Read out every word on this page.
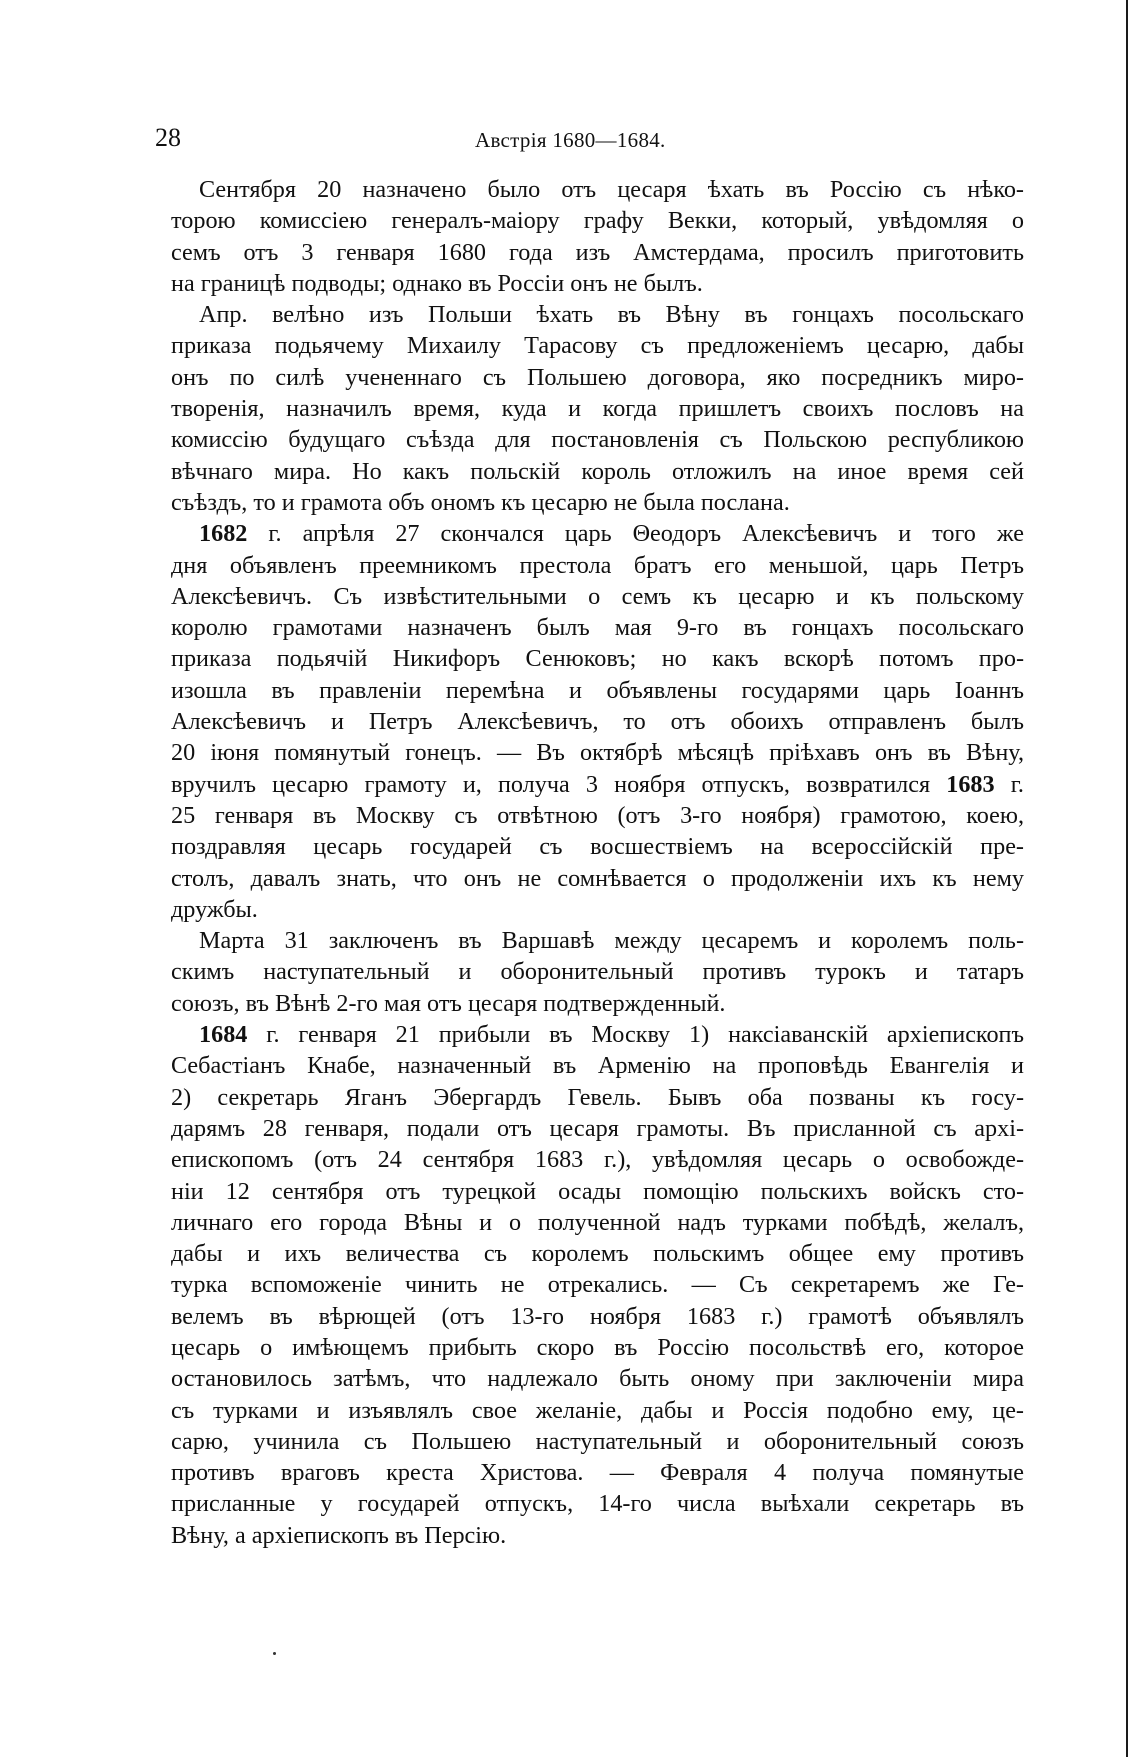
28	Австрія 1680—1684.
Сентября 20 назначено было отъ цесаря ѣхать въ Россію съ нѣко-
торою комиссіею генералъ-маіору графу Векки, который, увѣдомляя о
семъ отъ 3 генваря 1680 года изъ Амстердама, просилъ приготовить
на границѣ подводы; однако въ Россіи онъ не былъ.
Апр. велѣно изъ Польши ѣхать въ Вѣну въ гонцахъ посольскаго
приказа подьячему Михаилу Тарасову съ предложеніемъ цесарю, дабы
онъ по силѣ учененнаго съ Польшею договора, яко посредникъ миро-
творенія, назначилъ время, куда и когда пришлетъ своихъ пословъ на
комиссію будущаго съѣзда для постановленія съ Польскою республикою
вѣчнаго мира. Но какъ польскій король отложилъ на иное время сей
съѣздъ, то и грамота объ ономъ къ цесарю не была послана.
1682 г. апрѣля 27 скончался царь Θеодоръ Алексѣевичъ и того же
дня объявленъ преемникомъ престола братъ его меньшой, царь Петръ
Алексѣевичъ. Съ извѣстительными о семъ къ цесарю и къ польскому
королю грамотами назначенъ былъ мая 9-го въ гонцахъ посольскаго
приказа подьячій Никифоръ Сенюковъ; но какъ вскорѣ потомъ про-
изошла въ правленіи перемѣна и объявлены государями царь Іоаннъ
Алексѣевичъ и Петръ Алексѣевичъ, то отъ обоихъ отправленъ былъ
20 іюня помянутый гонецъ. — Въ октябрѣ мѣсяцѣ пріѣхавъ онъ въ Вѣну,
вручилъ цесарю грамоту и, получа 3 ноября отпускъ, возвратился 1683 г.
25 генваря въ Москву съ отвѣтною (отъ 3-го ноября) грамотою, коею,
поздравляя цесарь государей съ восшествіемъ на всероссійскій пре-
столъ, давалъ знать, что онъ не сомнѣвается о продолженіи ихъ къ нему
дружбы.
Марта 31 заключенъ въ Варшавѣ между цесаремъ и королемъ поль-
скимъ наступательный и оборонительный противъ турокъ и татаръ
союзъ, въ Вѣнѣ 2-го мая отъ цесаря подтвержденный.
1684 г. генваря 21 прибыли въ Москву 1) наксіаванскій архіепископъ
Себастіанъ Кнабе, назначенный въ Арменію на проповѣдь Евангелія и
2) секретарь Яганъ Эбергардъ Гевель. Бывъ оба позваны къ госу-
дарямъ 28 генваря, подали отъ цесаря грамоты. Въ присланной съ архі-
епископомъ (отъ 24 сентября 1683 г.), увѣдомляя цесарь о освобожде-
ніи 12 сентября отъ турецкой осады помощію польскихъ войскъ сто-
личнаго его города Вѣны и о полученной надъ турками побѣдѣ, желалъ,
дабы и ихъ величества съ королемъ польскимъ общее ему противъ
турка вспоможеніе чинить не отрекались. — Съ секретаремъ же Ге-
велемъ въ вѣрющей (отъ 13-го ноября 1683 г.) грамотѣ объявлялъ
цесарь о имѣющемъ прибыть скоро въ Россію посольствѣ его, которое
остановилось затѣмъ, что надлежало быть оному при заключеніи мира
съ турками и изъявлялъ свое желаніе, дабы и Россія подобно ему, це-
сарю, учинила съ Польшею наступательный и оборонительный союзъ
противъ враговъ креста Христова. — Февраля 4 получа помянутые
присланные у государей отпускъ, 14-го числа выѣхали секретарь въ
Вѣну, а архіепископъ въ Персію.
